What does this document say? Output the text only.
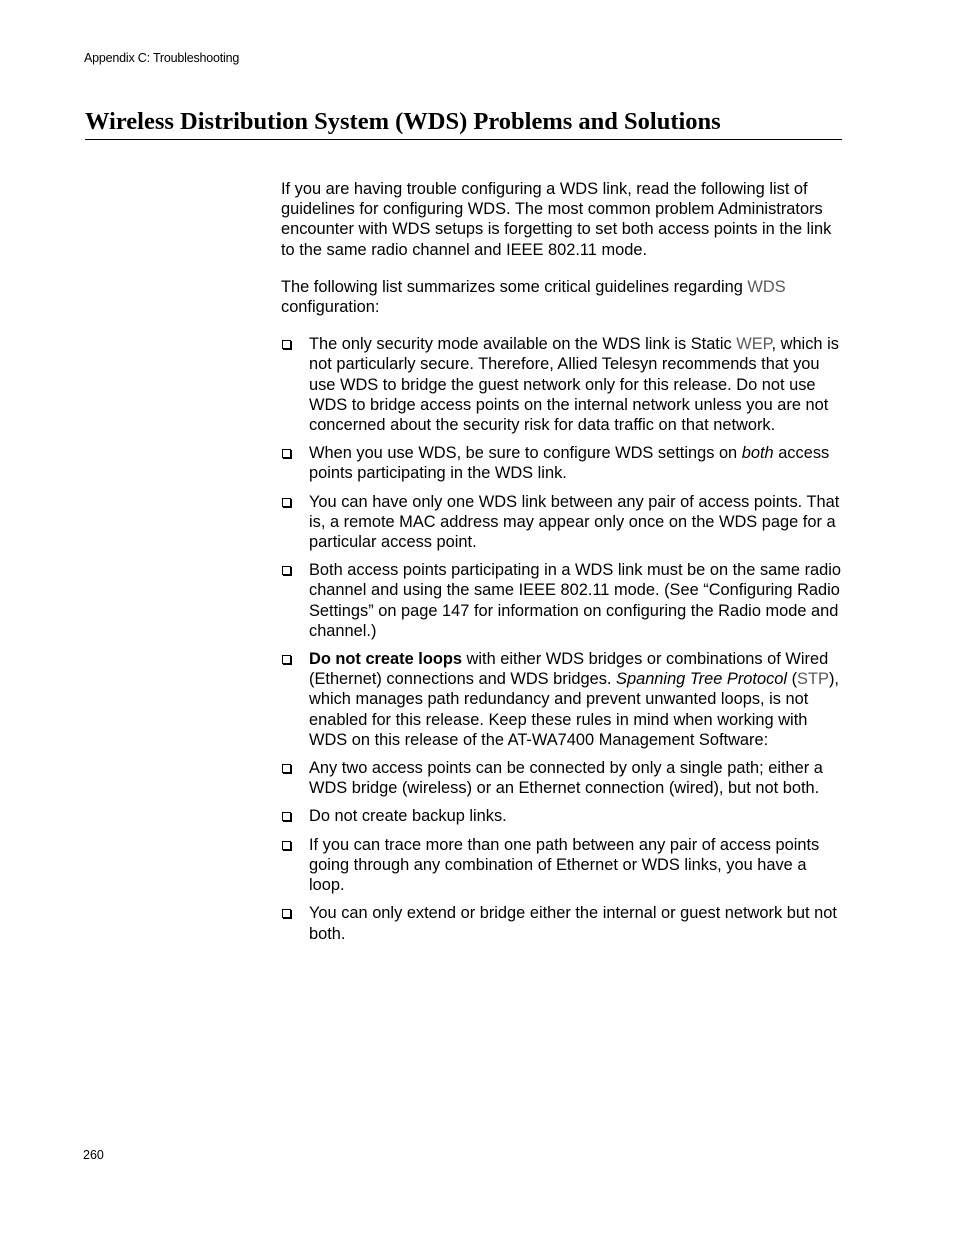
Appendix C: Troubleshooting
Wireless Distribution System (WDS) Problems and Solutions

If you are having trouble configuring a WDS link, read the following list of guidelines for configuring WDS. The most common problem Administrators encounter with WDS setups is forgetting to set both access points in the link to the same radio channel and IEEE 802.11 mode.

The following list summarizes some critical guidelines regarding WDS configuration:

The only security mode available on the WDS link is Static WEP, which is not particularly secure. Therefore, Allied Telesyn recommends that you use WDS to bridge the guest network only for this release. Do not use WDS to bridge access points on the internal network unless you are not concerned about the security risk for data traffic on that network.
When you use WDS, be sure to configure WDS settings on both access points participating in the WDS link.
You can have only one WDS link between any pair of access points. That is, a remote MAC address may appear only once on the WDS page for a particular access point.
Both access points participating in a WDS link must be on the same radio channel and using the same IEEE 802.11 mode. (See “Configuring Radio Settings” on page 147 for information on configuring the Radio mode and channel.)
Do not create loops with either WDS bridges or combinations of Wired (Ethernet) connections and WDS bridges. Spanning Tree Protocol (STP), which manages path redundancy and prevent unwanted loops, is not enabled for this release. Keep these rules in mind when working with WDS on this release of the AT-WA7400 Management Software:
Any two access points can be connected by only a single path; either a WDS bridge (wireless) or an Ethernet connection (wired), but not both.
Do not create backup links.
If you can trace more than one path between any pair of access points going through any combination of Ethernet or WDS links, you have a loop.
You can only extend or bridge either the internal or guest network but not both.
260
